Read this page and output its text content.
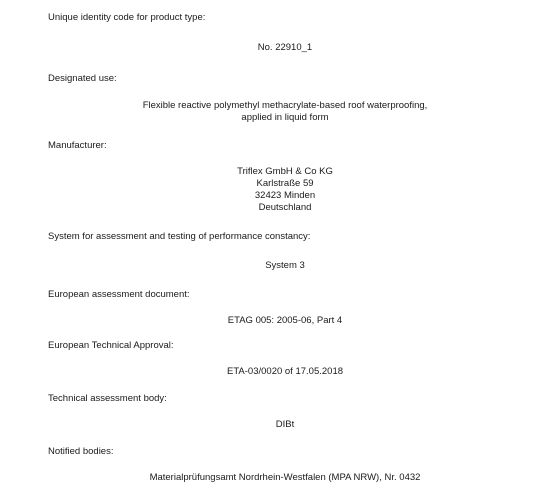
Unique identity code for product type:
No. 22910_1
Designated use:
Flexible reactive polymethyl methacrylate-based roof waterproofing,
applied in liquid form
Manufacturer:
Triflex GmbH & Co KG
Karlstraße 59
32423 Minden
Deutschland
System for assessment and testing of performance constancy:
System 3
European assessment document:
ETAG 005: 2005-06, Part 4
European Technical Approval:
ETA-03/0020 of 17.05.2018
Technical assessment body:
DIBt
Notified bodies:
Materialprüfungsamt Nordrhein-Westfalen (MPA NRW), Nr. 0432
